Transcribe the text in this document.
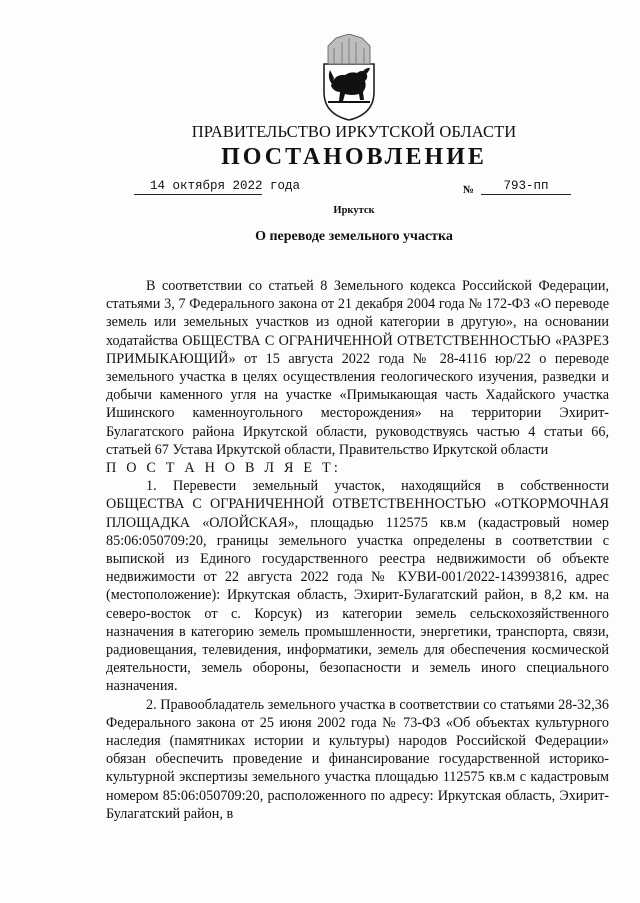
ПРАВИТЕЛЬСТВО ИРКУТСКОЙ ОБЛАСТИ
ПОСТАНОВЛЕНИЕ
14 октября 2022 года	№	793-пп
Иркутск
О переводе земельного участка

В соответствии со статьей 8 Земельного кодекса Российской Федерации, статьями 3, 7 Федерального закона от 21 декабря 2004 года № 172-ФЗ «О переводе земель или земельных участков из одной категории в другую», на основании ходатайства ОБЩЕСТВА С ОГРАНИЧЕННОЙ ОТВЕТСТВЕННОСТЬЮ «РАЗРЕЗ ПРИМЫКАЮЩИЙ» от 15 августа 2022 года № 28-4116 юр/22 о переводе земельного участка в целях осуществления геологического изучения, разведки и добычи каменного угля на участке «Примыкающая часть Хадайского участка Ишинского каменноугольного месторождения» на территории Эхирит-Булагатского района Иркутской области, руководствуясь частью 4 статьи 66, статьей 67 Устава Иркутской области, Правительство Иркутской области

П О С Т А Н О В Л Я Е Т:

1. Перевести земельный участок, находящийся в собственности ОБЩЕСТВА С ОГРАНИЧЕННОЙ ОТВЕТСТВЕННОСТЬЮ «ОТКОРМОЧНАЯ ПЛОЩАДКА «ОЛОЙСКАЯ», площадью 112575 кв.м (кадастровый номер 85:06:050709:20, границы земельного участка определены в соответствии с выпиской из Единого государственного реестра недвижимости об объекте недвижимости от 22 августа 2022 года № КУВИ-001/2022-143993816, адрес (местоположение): Иркутская область, Эхирит-Булагатский район, в 8,2 км. на северо-восток от с. Корсук) из категории земель сельскохозяйственного назначения в категорию земель промышленности, энергетики, транспорта, связи, радиовещания, телевидения, информатики, земель для обеспечения космической деятельности, земель обороны, безопасности и земель иного специального назначения.

2. Правообладатель земельного участка в соответствии со статьями 28-32,36 Федерального закона от 25 июня 2002 года № 73-ФЗ «Об объектах культурного наследия (памятниках истории и культуры) народов Российской Федерации» обязан обеспечить проведение и финансирование государственной историко-культурной экспертизы земельного участка площадью 112575 кв.м с кадастровым номером 85:06:050709:20, расположенного по адресу: Иркутская область, Эхирит-Булагатский район, в
